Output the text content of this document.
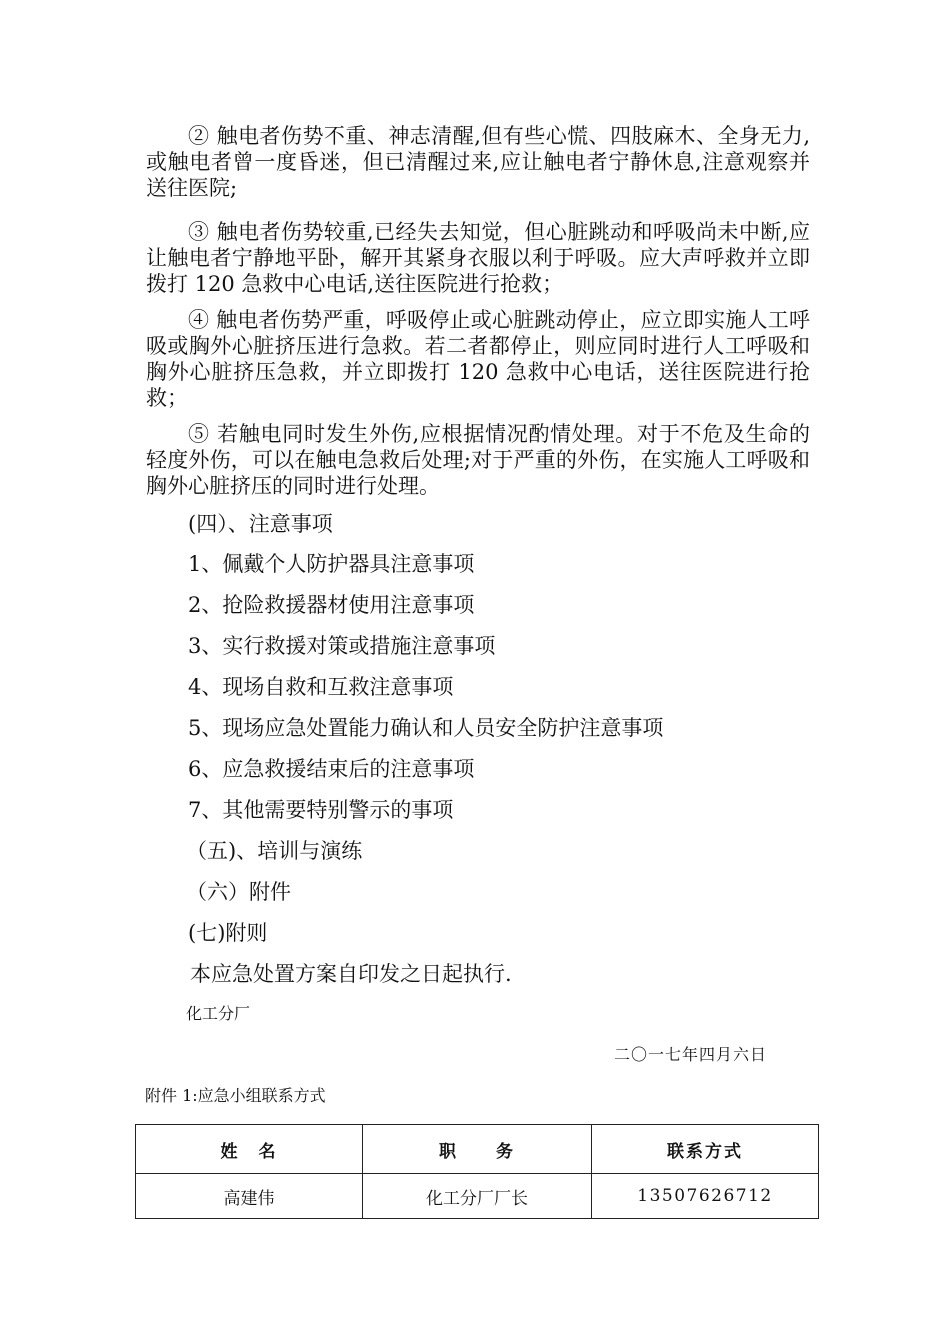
② 触电者伤势不重、神志清醒,但有些心慌、四肢麻木、全身无力,或触电者曾一度昏迷，但已清醒过来,应让触电者宁静休息,注意观察并送往医院;

③ 触电者伤势较重,已经失去知觉，但心脏跳动和呼吸尚未中断,应让触电者宁静地平卧，解开其紧身衣服以利于呼吸。应大声呼救并立即拨打 120 急救中心电话,送往医院进行抢救；

④ 触电者伤势严重，呼吸停止或心脏跳动停止，应立即实施人工呼吸或胸外心脏挤压进行急救。若二者都停止，则应同时进行人工呼吸和胸外心脏挤压急救，并立即拨打 120 急救中心电话，送往医院进行抢救；

⑤ 若触电同时发生外伤,应根据情况酌情处理。对于不危及生命的轻度外伤，可以在触电急救后处理;对于严重的外伤，在实施人工呼吸和胸外心脏挤压的同时进行处理。

(四）、注意事项

1、佩戴个人防护器具注意事项

2、抢险救援器材使用注意事项

3、实行救援对策或措施注意事项

4、现场自救和互救注意事项

5、现场应急处置能力确认和人员安全防护注意事项

6、应急救援结束后的注意事项

7、其他需要特别警示的事项

（五)、培训与演练

（六）附件

(七)附则

本应急处置方案自印发之日起执行.

化工分厂

二〇一七年四月六日

附件 1:应急小组联系方式

姓　名	职　　务	联系方式
高建伟	化工分厂厂长	13507626712
